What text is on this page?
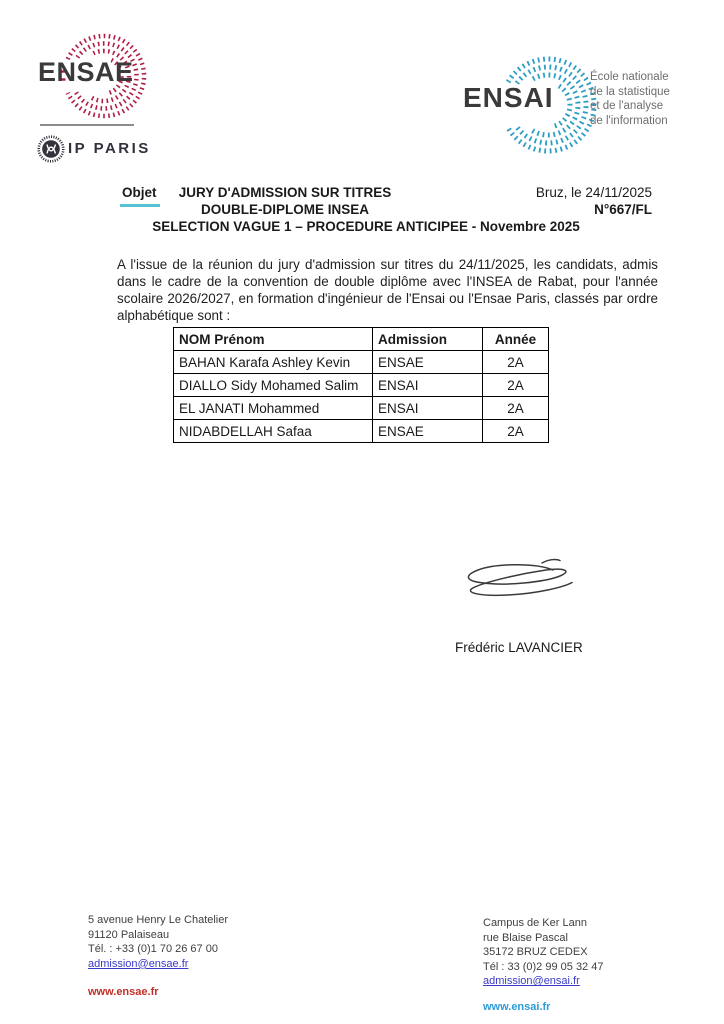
ENSAE
IP PARIS
ENSAI
École nationale
de la statistique
et de l'analyse
de l'information
Objet	JURY D'ADMISSION SUR TITRES
DOUBLE-DIPLOME INSEA
SELECTION VAGUE 1 – PROCEDURE ANTICIPEE - Novembre 2025
Bruz, le 24/11/2025
N°667/FL
A l'issue de la réunion du jury d'admission sur titres du 24/11/2025, les candidats, admis dans le cadre de la convention de double diplôme avec l'INSEA de Rabat, pour l'année scolaire 2026/2027, en formation d'ingénieur de l'Ensai ou l'Ensae Paris, classés par ordre alphabétique sont :
NOM Prénom	Admission	Année
BAHAN Karafa Ashley Kevin	ENSAE	2A
DIALLO Sidy Mohamed Salim	ENSAI	2A
EL JANATI Mohammed	ENSAI	2A
NIDABDELLAH Safaa	ENSAE	2A
Frédéric LAVANCIER
5 avenue Henry Le Chatelier
91120 Palaiseau
Tél. : +33 (0)1 70 26 67 00
admission@ensae.fr
www.ensae.fr
Campus de Ker Lann
rue Blaise Pascal
35172 BRUZ CEDEX
Tél : 33 (0)2 99 05 32 47
admission@ensai.fr
www.ensai.fr
